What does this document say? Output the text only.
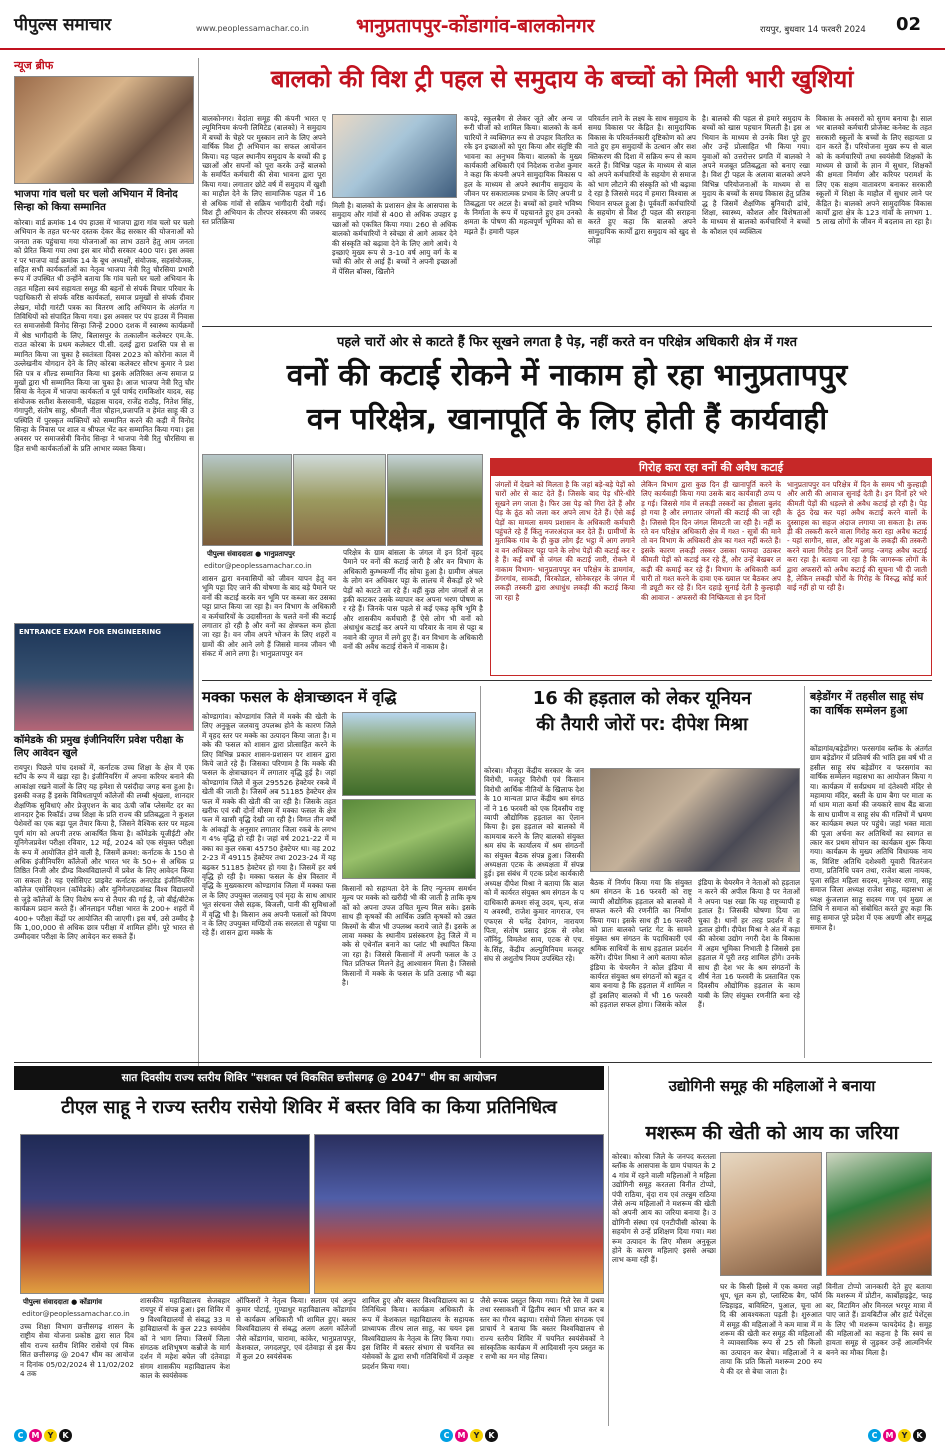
पीपुल्स समाचार	www.peoplessamachar.co.in भानुप्रतापपुर-कोंडागांव-बालकोनगर	रायपुर, बुधवार 14 फरवरी 2024 02
न्यूज ब्रीफ
भाजपा गांव चलो घर चलो अभियान में विनोद सिन्हा को किया सम्मानित
कोरबा। वार्ड क्रमांक 14 पंप हाउस में भाजपा द्वारा गांव चलो घर चलो अभियान के तहत घर-घर दस्तक देकर केंद्र सरकार की योजनाओं को जनता तक पहुंचाया गया योजनाओं का लाभ उठाने हेतु आम जनता को प्रेरित किया गया तथा इस बार मोदी सरकार 400 पार। इस अवसर पर भाजपा वार्ड क्रमांक 14 के बूथ अध्यक्षों, संयोजक, सहसंयोजक, सहित सभी कार्यकर्ताओं का नेतृत्व भाजपा नेत्री रितु चौरसिया प्रभारी रूप में उपस्थित थी उन्होंने बताया कि गांव चलो घर चलो अभियान के तहत महिला स्वयं सहायता समूह की बहनों से संपर्क विचार परिवार के पदाधिकारी से संपर्क वरिष्ठ कार्यकर्ता, समाज प्रमुखों से संपर्क दीवार लेखन, मोदी गारंटी पत्रक का वितरण आदि अभियान के अंतर्गत गतिविधियों को संपादित किया गया। इस अवसर पर पंप हाउस में निवासरत समाजसेवी विनोद सिन्हा जिन्हें 2000 दशक में स्वास्थ्य कार्यक्रमों में श्रेष्ठ भागीदारी के लिए, बिलासपुर के तत्कालीन कलेक्टर एम.के. राउत कोरबा के प्रथम कलेक्टर पी.सी. दलई द्वारा प्रशस्ति पत्र से सम्मानित किया जा चुका है स्वतंत्रता दिवस 2023 को कोरोना काल में उल्लेखनीय योगदान देने के लिए कोरबा कलेक्टर सौरभ कुमार ने प्रशस्ति पत्र व शील्ड सम्मानित किया था इसके अतिरिक्त अन्य समाज प्रमुखों द्वारा भी सम्मानित किया जा चुका है। आज भाजपा नेत्री रितु चौरसिया के नेतृत्व में भाजपा कार्यकर्ता व पूर्व पार्षद रामकिशोर यादव, सहसंयोजक सतीश केसरवानी, चंद्रहास यादव, राजेंद्र राठौड़, नितेश सिंह, गंगापुरी, संतोष साहू, श्रीमती नीता चौहान,प्रजापति व हेमंत साहू की उपस्थिति में पुरस्कृत व्यक्तियों को सम्मानित करने की कड़ी में विनोद सिन्हा के निवास पर शाल व श्रीफल भेंट कर सम्मानित किया गया। इस अवसर पर समाजसेवी विनोद सिन्हा ने भाजपा नेत्री रितु चौरसिया सहित सभी कार्यकर्ताओं के प्रति आभार व्यक्त किया।
ENTRANCE EXAM FOR ENGINEERING
कॉमेडके की प्रमुख इंजीनियरिंग प्रवेश परीक्षा के लिए आवेदन खुले
रायपुर। पिछले पांच दशकों में, कर्नाटक उच्च शिक्षा के क्षेत्र में एक स्टॉप के रूप में खड़ा रहा है। इंजीनियरिंग में अपना करियर बनाने की आकांक्षा रखने वालों के लिए यह हमेशा से पसंदीदा जगह बना हुआ है। इसकी वजह हैं इसके विविधतापूर्ण कॉलेजों की लम्बी श्रृंखला, शानदार शैक्षणिक सुविधाएं और प्रेजुएशन के बाद ऊंची जॉब प्लेसमेंट दर का शानदार ट्रैक रिकॉर्ड। उच्च शिक्षा के प्रति राज्य की प्रतिबद्धता ने कुशल पेशेवरों का एक बड़ा पूल तैयार किया है, जिसने वैश्विक स्तर पर महत्वपूर्ण मांग को अपनी तरफ आकर्षित किया है। कॉमेडके यूजीईटी और यूनिगेजप्रवेश परीक्षा रविवार, 12 मई, 2024 को एक संयुक्त परीक्षा के रूप में आयोजित होने वाली है, जिसमें क्रमश: कर्नाटक के 150 से अधिक इंजीनियरिंग कॉलेजों और भारत भर के 50+ से अधिक प्रतिष्ठित निजी और डीम्ड विश्वविद्यालयों में प्रवेश के लिए आवेदन किया जा सकता है। यह एसोसिएट प्राइवेट कर्नाटक अनएडेड इंजीनियरिंग कॉलेज एसोसिएशन (कॉमेडके) और यूनिगेजएडवांस्ड विश्व विद्यालयों से जुड़े कॉलेजों के लिए विशेष रूप से तैयार की गई है, जो बीई/बीटेक कार्यक्रम प्रदान करते हैं। ऑनलाइन परीक्षा भारत के 200+ शहरों में 400+ परीक्षा केंद्रों पर आयोजित की जाएगी। इस वर्ष, उसे उम्मीद है कि 1,00,000 से अधिक छात्र परीक्षा में शामिल होंगे। पूरे भारत से उम्मीदवार परीक्षा के लिए आवेदन कर सकते हैं।
बालको की विश ट्री पहल से समुदाय के बच्चों को मिली भारी खुशियां
बालकोनगर। वेदांता समूह की कंपनी भारत एल्यूमिनियम कंपनी लिमिटेड (बालको) ने समुदाय में बच्चों के चेहरे पर मुस्कान लाने के लिए अपने वार्षिक विश ट्री अभियान का सफल आयोजन किया। यह पहल स्थानीय समुदाय के बच्चों की इच्छाओं और सपनों को पूरा करके उन्हें बालको के समर्पित कर्मचारी की सेवा भावना द्वारा पूरा किया गया। लगातार छोटे वर्ष में समुदाय में खुशी का माहौल देने के लिए सामाजिक पहल में 16 से अधिक गांवों से सक्रिय भागीदारी देखी गई। विश ट्री अभियान के तौरपर संस्करण की जबरदस्त प्रतिक्रिया
मिली है। बालको के प्रशासन क्षेत्र के आसपास के समुदाय और गांवों से 400 से अधिक उपहार इच्छाओं को एकत्रित किया गया। 260 से अधिक बालको कर्मचारियों ने स्वेच्छा से आगे आकर देने की संस्कृति को बढ़ावा देने के लिए आगे आये। ये इच्छाएं मुख्य रूप से 3-10 वर्ष आयु वर्ग के बच्चों की ओर से आई हैं। बच्चों ने अपनी इच्छाओं में पेंसिल बॉक्स, खिलौने
कपड़े, स्कूलबैग से लेकर जूते और अन्य जरूरी चीजों को शामिल किया। बालको के कर्मचारियों ने व्यक्तिगत रूप से उपहार वितरित करके इन इच्छाओं को पूरा किया और संतुष्टि की भावना का अनुभव किया। बालको के मुख्य कार्यकारी अधिकारी एवं निदेशक राजेश कुमार ने कहा कि कंपनी अपने सामुदायिक विकास पहल के माध्यम से अपने स्थानीय समुदाय के जीवन पर सकारात्मक प्रभाव के लिए अपनी प्रतिबद्धता पर अटल है। बच्चों को हमारे भविष्य के निर्माता के रूप में पहचानते हुए हम उनको क्षमता के पोषण की महत्वपूर्ण भूमिका को समझते हैं। हमारी पहल
परिवर्तन लाने के लक्ष्य के साथ समुदाय के समग्र विकास पर केंद्रित है। सामुदायिक विकास के परिवर्तनकारी दृष्टिकोण को अपनाते हुए हम समुदायों के उत्थान और सशक्तिकरण की दिशा में सक्रिय रूप से काम करते हैं। विभिन्न पहल के माध्यम से बालको अपने कर्मचारियों के सहयोग से समाज को भाग लौटाने की संस्कृति को भी बढ़ावा दे रहा है जिससे मदद में हमारा विश्वास अभियान सफल हुआ है। पूर्ववर्ती कर्मचारियों के सहयोग से विश ट्री पहल की सराहना करते हुए कहा कि बालको अपने सामुदायिक कार्यों द्वारा समुदाय को खुद से जोड़ा
है। बालको की पहल से हमारे समुदाय के बच्चों को खास पहचान मिलती है। इस अभियान के माध्यम से उनके विश पूरे हुए और उन्हें प्रोत्साहित भी किया गया। युवाओं को उत्तरोत्तर प्रगति में बालको ने अपने मजबूत प्रतिबद्धता को बनाए रखा है। विश ट्री पहल के अलावा बालको अपने विभिन्न परियोजनाओं के माध्यम से समुदाय के बच्चों के समग्र विकास हेतु प्रतिबद्ध है जिसमें शैक्षणिक बुनियादी ढांचे, शिक्षा, स्वास्थ्य, कौशल और विशेषताओं के माध्यम से बालको कर्मचारियों ने बच्चों के कौशल एवं व्यक्तित्व
विकास के अवसरों को सुगम बनाया है। साल भर बालको कर्मचारी प्रोजेक्ट कनेक्ट के तहत सरकारी स्कूलों के बच्चों के लिए सहायता प्रदान करते हैं। परियोजना मुख्य रूप से बालको के कर्मचारियों तथा स्वयंसेवी शिक्षकों के माध्यम से छात्रों के ज्ञान में सुधार, शिक्षकों की क्षमता निर्माण और करियर परामर्श के लिए एक सक्षम वातावरण बनाकर सरकारी स्कूलों में शिक्षा के माहौल में सुधार लाने पर केंद्रित है। बालको अपने सामुदायिक विकास कार्यों द्वारा क्षेत्र के 123 गांवों के लगभग 1.5 लाख लोगों के जीवन में बदलाव ला रहा है।
पहले चारों ओर से काटते हैं फिर सूखने लगता है पेड़, नहीं करते वन परिक्षेत्र अधिकारी क्षेत्र में गश्त
वनों की कटाई रोकने में नाकाम हो रहा भानुप्रतापपुर
वन परिक्षेत्र, खानापूर्ति के लिए होती हैं कार्यवाही
पीपुल्स संवाददाता ● भानुप्रतापपुर
editor@peoplessamachar.co.in
शासन द्वारा वनवासियों को जीवन यापन हेतु वन भूमि पट्टा दिए जाने की योषणा के बाद बड़े पैमाने पर वनों की कटाई करके वन भूमि पर कब्जा कर उसका पट्टा प्राप्त किया जा रहा है। वन विभाग के अधिकारी व कर्मचारियों के उदासीनता के चलते वनों की कटाई लगातार हो रही है और वनों का क्षेत्रफल कम होता जा रहा है। वन जीव अपने भोजन के लिए शहरों व ग्रामों की ओर आने लगे हैं जिससे मानव जीवन भी संकट में आने लगा है। भानुप्रतापपुर वन
परिक्षेत्र के ग्राम बांसला के जंगल में इन दिनों वृहद पैमाने पर वनों की कटाई जारी है और वन विभाग के अधिकारी कुम्भकर्णी नींद सोया हुआ है। ग्रामीण अंचल के लोग वन अधिकार पट्टा के लालच में सैकड़ों हरे भरे पेड़ों को काटते जा रहे हैं। वहीं कुछ लोग जंगलों से लड़की काटकर उसके व्यापार कर अपना भरण पोषण कर रहे हैं। जिनके पास पहले से कई एकड़ कृषि भूमि है और शासकीय कर्मचारी हैं ऐसे लोग भी वनों को अंधाधुंध कटाई कर अपने या परिवार के नाम से पट्टा बनवाने की जुगत में लगे हुए हैं। वन विभाग के अधिकारी वनों की अवैध कटाई रोकने में नाकाम है।
गिरोह करा रहा वनों की अवैध कटाई
जंगलों में देखने को मिलता है कि जहां बड़े-बड़े पेड़ों को चारों ओर से काट देते हैं। जिसके बाद पेड़ धीरे-धीरे सूखने लग जाता है। फिर उस पेड़ को गिरा देते हैं और पेड़ के ठूंठ को जला कर अपने लाभ देते हैं। ऐसे कई पेड़ों का मामला समय प्रशासन के अधिकारी कर्मचारी पहुंचते रहे हैं किंतु नजरअंदाज कर देते हैं। ग्रामीणों के मुताबिक गांव के ही कुछ लोग ईंट भट्ठा में आग लगाने व वन अधिकार पट्टा पाने के लोभ पेड़ों की कटाई कर रहे हैं। कई वर्षों से जंगल की कटाई जारी, रोकने में नाकाम विभाग- भानुप्रतापपुर वन परिक्षेत्र के डामगांव, डेंगरगांव, साकडी, विरकोडल, सोनेकरहर के जंगल में लकड़ी तस्करी द्वारा अधाधुंध लकड़ी की कटाई किया जा रहा है
लेकिन विभाग द्वारा कुछ दिन ही खानापूर्ति करने के लिए कार्यवाही किया गया उसके बाद कार्यवाही ठप्प पड़ गई। जिससे गांव में लकड़ी तस्करों का हौसला बुलंद हो गया है और लगातार जंगलों की कटाई की जा रही है। जिससे दिन दिन जंगल सिमटती जा रही है। नहीं करते वन परिक्षेत्र अधिकारी क्षेत्र में गश्त - सूत्रों की माने तो वन विभाग के अधिकारी क्षेत्र का गश्त नहीं करते हैं। इसके कारण लकड़ी तस्कर उसका फायदा उठाकर कीमती पेड़ों को कटाई कर रहे हैं, और उन्हें बेखबर लकड़ी की कमाई कर रहे हैं। विभाग के अधिकारी कर्मचारी तो गश्त करने के दावा एक ख्याल पर बैठकर अपनी ड्यूटी कर रहे हैं। दिन दहाड़े सुनाई देती है कुल्हाड़ी की आवाज - अफसरों की निष्क्रियता से इन दिनों
भानुप्रतापपुर वन परिक्षेत्र में दिन के समय भी कुल्हाड़ी और आरी की आवाज सुनाई देती है। इन दिनों हरे भरे कीमती पेड़ों की धड़ल्ले से अवैध कटाई हो रही है। पेड़ के ठूंठ देख कर यहां अवैध कटाई करने वालों के दुस्साहस का सहज अंदाज लगाया जा सकता है। लकड़ी की तस्करी करने वाला गिरोह करा रहा अवैध कटाई - यहां सागौन, साल, और महुआ के लकड़ी की तस्करी करने वाला गिरोह इन दिनों जगह -जगह अवैध कटाई करा रहा है। बताया जा रहा है कि जागरूक लोगों के द्वारा अफसरों को अवैध कटाई की सूचना भी दी जाती है, लेकिन लकड़ी चोरों के गिरोह के विरुद्ध कोई कार्रवाई नहीं हो पा रही है।
मक्का फसल के क्षेत्राच्छादन में वृद्धि
कोण्डागांव। कोण्डागांव जिले में मक्के की खेती के लिए अनुकूल जलवायु उपलब्ध होने के कारण जिले में वृहद स्तर पर मक्के का उत्पादन किया जाता है। मक्के की फसल को शासन द्वारा प्रोत्साहित करने के लिए विभिन्न प्रकार शासन-प्रशासन पर शासन द्वारा किये जाते रहे हैं। जिसका परिणाम है कि मक्के की फसल के क्षेत्राच्छादन में लगातार वृद्धि हुई है। जहां कोण्डागांव जिले में कुल 295526 हेक्टेयर रकबे में खेती की जाती है। जिसमें अब 51185 हेक्टेयर क्षेत्रफल में मक्के की खेती की जा रही है। जिसके तहत खरीफ एवं रबी दोनों मौसम में मक्का फसल के क्षेत्रफल में खासी वृद्धि देखी जा रही है। विगत तीन वर्षों के आंकड़ों के अनुसार लगातार जिला रकबे के लगभग 4% वृद्धि हो रही है। जहां वर्ष 2021-22 में मक्का का कुल रकबा 45750 हेक्टेयर था। वह 2022-23 में 49115 हेक्टेयर तथा 2023-24 में यह बढ़कर 51185 हेक्टेयर हो गया है। जिसमें हर वर्ष वृद्धि हो रही है। मक्का फसल के क्षेत्र विस्तार में वृद्धि के मुख्यकारण कोण्डागांव जिला में मक्का फसल के लिए उपयुक्त जलवायु एवं मृदा के साथ आधारभूत संरचना जैसे सड़क, बिजली, पानी की सुविधाओं में वृद्धि भी है। किसान अब अपनी फसलों को विपणन के लिए उपयुक्त मण्डियों तक सरलता से पहुंचा पा रहे हैं। शासन द्वारा मक्के के
किसानों को सहायता देने के लिए न्यूनतम समर्थन मूल्य पर मक्के को खरीदी भी की जाती है ताकि कृषकों को अपना उपज उचित मूल्य मिल सके। इसके साथ ही कृषकों की आर्थिक उन्नति कृषकों को उन्नत किस्मों के बीज भी उपलब्ध कराये जाते हैं। इसके अलावा मक्का के स्थानीय प्रसंस्करण हेतु जिले में मक्के से एथेनॉल बनाने का प्लांट भी स्थापित किया जा रहा है। जिससे किसानों में अपनी फसल के उचित प्रतिफल मिलने हेतु आश्वासन मिला है। जिससे किसानों में मक्के के फसल के प्रति उत्साह भी बढ़ा है।
16 की हड़ताल को लेकर यूनियन
की तैयारी जोरों पर: दीपेश मिश्रा
कोरबा। मौजूदा केंद्रीय सरकार के जन विरोधी, मजदूर विरोधी एवं किसान विरोधी आर्थिक नीतियों के खिलाफ देश के 10 मान्यता प्राप्त केंद्रीय श्रम संगठनों ने 16 फरवरी को एक दिवसीय राष्ट्रव्यापी औद्योगिक हड़ताल का ऐलान किया है। इस हड़ताल को बालको में कामयाब करने के लिए बालको संयुक्त श्रम संघ के कार्यालय में श्रम संगठनों का संयुक्त बैठक संपन्न हुआ। जिसकी अध्यक्षता एटक के अध्यक्षता में संपन्न हुई। इस संबंध में एटक प्रदेश कार्यकारी अध्यक्ष दीपेश मिश्रा ने बताया कि बालको में कार्यरत संयुक्त श्रम संगठन के पदाधिकारी क्रमशः संजू उदय, घृत्य, संजय अवस्थी, राजेश कुमार नागराज, एनएफएस से घनेंद्र देवांगन, नारायण पिता, संतोष प्रसाद इंटक से रमेश जॉनिंदु, विमलेश साव, एटक से एच.के.सिंह, केंद्रीय अल्युमिनियम मजदूर संघ से अशुतोष नियम उपस्थित रहे।
बैठक में निर्णय किया गया कि संयुक्त श्रम संगठन के 16 फरवरी को राष्ट्रव्यापी औद्योगिक हड़ताल को बालको में सफल करने की रणनीति का निर्माण किया गया। इसके साथ ही 16 फरवरी को प्रातः बालको प्लांट गेट के सामने संयुक्त श्रम संगठन के पदाधिकारी एवं श्रमिक साथियों के साथ हड़ताल प्रदर्शन करेंगे। दीपेश मिश्रा ने आगे बताया कोल इंडिया के चेयरमैन ने कोल इंडिया में कार्यरत संयुक्त श्रम संगठनों को बहुत दबाव बनाया है कि हड़ताल में शामिल न हों इसलिए बालको में भी 16 फरवरी को हड़ताल सफल होगा। जिसके कोल
इंडिया के चेयरमैन ने नेताओं को हड़ताल न करने की अपील किया है पर नेताओं ने अपना पक्ष रखा कि यह राष्ट्रव्यापी हड़ताल है। जिसकी घोषणा दिया जा चुका है। थानों हर तरह प्रदर्शन में हड़ताल होगी। दीपेश मिश्रा ने अंत में कहा की कोरबा उद्योग नगरी देश के विकास में अहम भूमिका निभाती है जिससे इस हड़ताल में पूरी तरह शामिल होंगे। उनके साथ ही देश भर के श्रम संगठनों के शीर्ष नेता 16 फरवरी के प्रस्तावित एक दिवसीय औद्योगिक हड़ताल के कामयाबी के लिए संयुक्त रणनीति बना रहे हैं।
बड़ेडोंगर में तहसील साहू संघ का वार्षिक सम्मेलन हुआ
कोंडागांव/बड़ेडोंगर। फरसगांव ब्लॉक के अंतर्गत ग्राम बड़ेडोंगर में प्रतिवर्ष की भांति इस वर्ष भी तहसील साहू संघ बड़ेडोंगर व फरसगांव का वार्षिक सम्मेलन महासभा का आयोजन किया गया। कार्यक्रम में सर्वप्रथम मां दंतेश्वरी मंदिर से महामाया मंदिर, बस्ती के ग्राम बैगा पर माता कर्मा धाम माता कर्मा की जयकारे साथ बैंड बाजा के साथ ग्रामीण व साहू संघ की गलियों में भ्रमण कर कार्यक्रम स्थल पर पहुंचे। जहां भक्त माता की पूजा अर्चना कर अतिथियों का स्वागत सत्कार कर प्रथम सोपान का कार्यक्रम शुरू किया गया। कार्यक्रम के मुख्य अतिथि विधायक नायक, विशिष्ट अतिथि दशेश्वरी यूवारी चितरंजन राणा, प्रतिनिधि पवन तथा, राजेश बाला नायक, पूजा सहित महिला सदस्य, मुनेश्वर राणा, साहू समाज जिला अध्यक्ष राजेश साहू, महासभा अध्यक्ष कुंजलाल साहू सदस्य गण एवं मुख्य अतिथि ने समाज को संबोधित करते हुए कहा कि साहू समाज पूरे प्रदेश में एक अग्रणी और समृद्ध समाज है।
सात दिवसीय राज्य स्तरीय शिविर "सशक्त एवं विकसित छत्तीसगढ़ @ 2047" थीम का आयोजन
टीएल साहू ने राज्य स्तरीय रासेयो शिविर में बस्तर विवि का किया प्रतिनिधित्व
पीपुल्स संवाददाता ● कोंडागांव
editor@peoplessamachar.co.in
उच्च शिक्षा विभाग छत्तीसगढ़ शासन के राष्ट्रीय सेवा योजना प्रकोष्ठ द्वारा सात दिवसीय राज्य स्तरीय शिविर रासेयो एवं विकसित छत्तीसगढ़ @ 2047 थीम का आयोजन दिनांक 05/02/2024 से 11/02/2024 तक
शासकीय महाविद्यालय सेजबहार रायपुर में संपन्न हुआ। इस शिविर में 9 विश्वविद्यालयों से संबद्ध 33 महाविद्यालयों के कुल 223 स्वयंसेवकों ने भाग लिया। जिसमें जिला संगठक शशिभूषण कन्नौजे के मार्गदर्शन में महेश बघेल जी दंतेवाड़ा संगम शासकीय महाविद्यालय केशकाल के स्वयंसेवक
ऑफिसरों ने नेतृत्व किया। सलाम एवं अनूप कुमार पोटाई, गुण्डाधुर महाविद्यालय कोंडागांव से कार्यक्रम अधिकारी भी शामिल हुए। बस्तर विश्वविद्यालय से संबद्ध अलग अलग कॉलेजों जैसे कोंडागांव, चारामा, कांकेर, भानुप्रतापपुर, केशकाल, जगदलपुर, एवं दंतेवाड़ा से इस कैंप में कुल 20 स्वयंसेवक
शामिल हुए और बस्तर विश्वविद्यालय का प्रतिनिधित्व किया। कार्यक्रम अधिकारी के रूप में केशकाल महाविद्यालय के सहायक प्राध्यापक तीरथ लाल साहू, का चयन इस विश्वविद्यालय के नेतृत्व के लिए किया गया। इस शिविर में बस्तर संभाग से चयनित स्वयंसेवकों के द्वारा सभी गतिविधियों में उत्कृष्ट प्रदर्शन किया गया।
जैसे रूपक प्रस्तुत किया गया। रिले रेस में प्रथम तथा रस्साकशी में द्वितीय स्थान भी प्राप्त कर बस्तर का गौरव बढ़ाया। रासेयो जिला संगठक एवं प्राचार्य ने बताया कि बस्तर विश्वविद्यालय से राज्य स्तरीय शिविर में चयनित स्वयंसेवकों ने सांस्कृतिक कार्यक्रम में आदिवासी नृत्य प्रस्तुत कर सभी का मन मोह लिया।
उद्योगिनी समूह की महिलाओं ने बनाया
मशरूम की खेती को आय का जरिया
कोरबा। कोरबा जिले के जनपद करतला ब्लॉक के आसपास के ग्राम पंचायत के 24 गांव में रहने वाली महिलाओं ने महिला उद्योगिनी समूह करतला विनीत टोप्पो, पंपी राठिया, वृंदा राय एवं तरन्नुम राठिया जैसे अन्य महिलाओं ने मशरूम की खेती को अपनी आय का जरिया बनाया है। उद्योगिनी संस्था एवं एनटीपीसी कोरबा के सहयोग से उन्हें प्रशिक्षण दिया गया। मशरूम उत्पादन के लिए मौसम अनुकूल होने के कारण महिलाएं इससे अच्छा लाभ कमा रही हैं।
घर के किसी हिस्से में एक कमरा जहाँ धूप, धूल कम हो, प्लास्टिक बैग, फॉर्मल्डिहाइड, बाविस्टिन, पुआल, चूना आदि की आवश्यकता पड़ती है। शुरुआत में समूह की महिलाओं ने कम मात्रा में मशरूम की खेती कर समूह की महिलाओं ने व्यावसायिक रूप से 25 सौ किलो का उत्पादन कर बेचा। महिलाओं ने बताया कि प्रति किलो मशरूम 200 रुपये की दर से बेचा जाता है।
विनीता टोप्पो जानकारी देते हुए बताया कि मशरूम में प्रोटीन, कार्बोहाइड्रेट, फाइबर, विटामिन और मिनरल भरपूर मात्रा में पाए जाते हैं। डायबिटीज और हार्ट पेशेंट्स के लिए भी मशरूम फायदेमंद है। समूह की महिलाओं का कहना है कि स्वयं सहायता समूह से जुड़कर उन्हें आत्मनिर्भर बनने का मौका मिला है।
C	M	Y	K	C	M	Y	K	C	M	Y	K
